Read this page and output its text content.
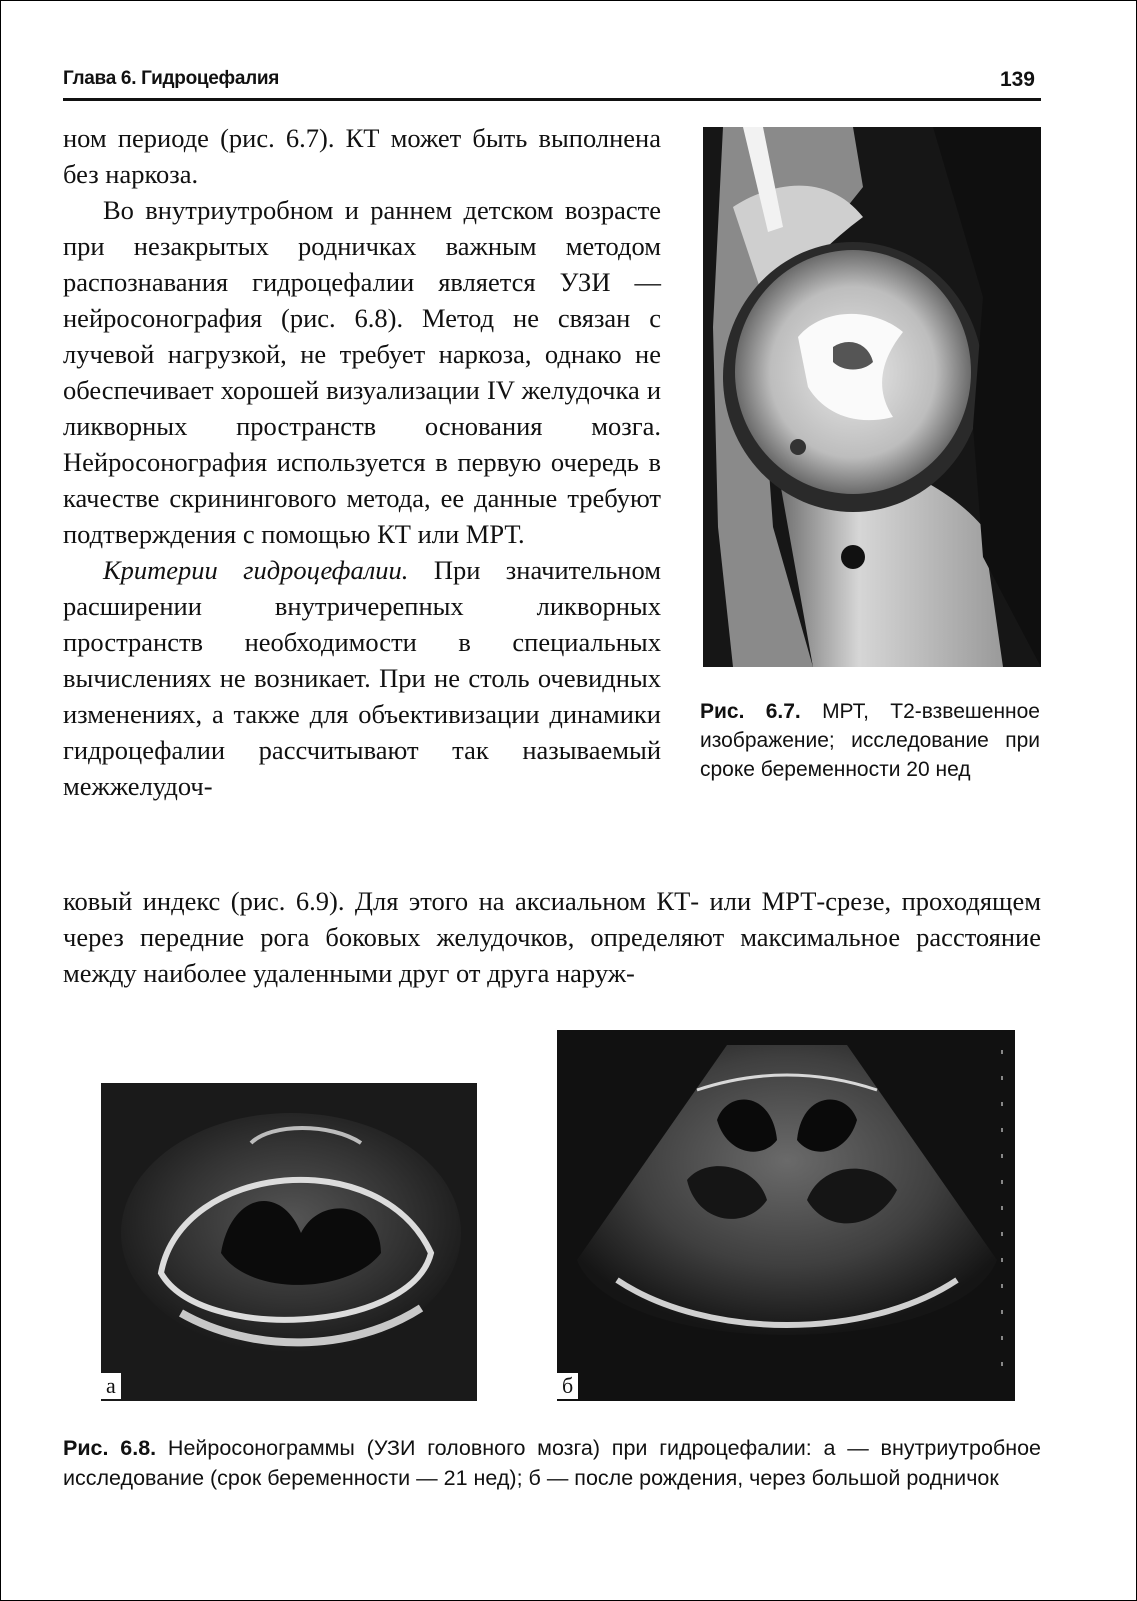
Глава 6. Гидроцефалия	139

ном периоде (рис. 6.7). КТ может быть выполнена без наркоза.

Во внутриутробном и раннем детском возрасте при незакрытых родничках важным методом распознавания гидроцефалии является УЗИ — нейросонография (рис. 6.8). Метод не связан с лучевой нагрузкой, не требует наркоза, однако не обеспечивает хорошей визуализации IV желудочка и ликворных пространств основания мозга. Нейросонография используется в первую очередь в качестве скринингового метода, ее данные требуют подтверждения с помощью КТ или МРТ.

Критерии гидроцефалии. При значительном расширении внутричерепных ликворных пространств необходимости в специальных вычислениях не возникает. При не столь очевидных изменениях, а также для объективизации динамики гидроцефалии рассчитывают так называемый межжелудоч-

ковый индекс (рис. 6.9). Для этого на аксиальном КТ- или МРТ-срезе, проходящем через передние рога боковых желудочков, определяют максимальное расстояние между наиболее удаленными друг от друга наруж-

Рис. 6.7. МРТ, Т2-взвешенное изображение; исследование при сроке беременности 20 нед
а	б
Рис. 6.8. Нейросонограммы (УЗИ головного мозга) при гидроцефалии: а — внутриутробное исследование (срок беременности — 21 нед); б — после рождения, через большой родничок
